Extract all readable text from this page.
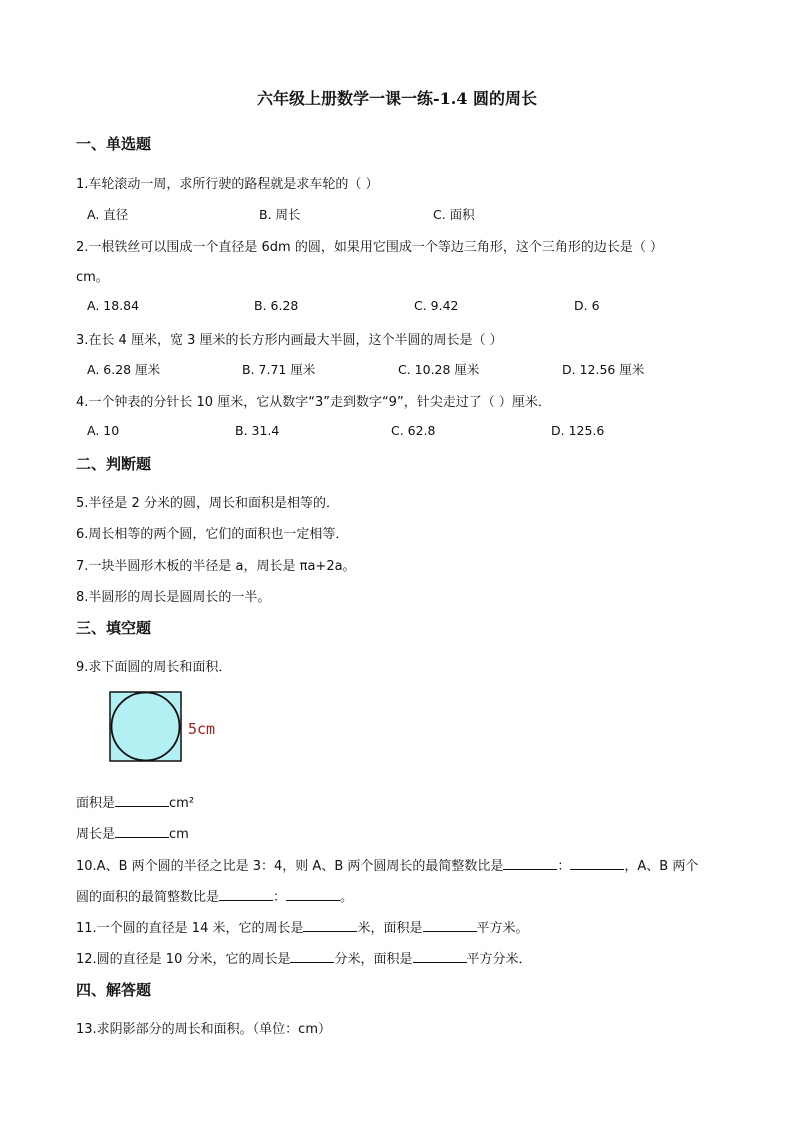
六年级上册数学一课一练-1.4 圆的周长
一、单选题
1.车轮滚动一周，求所行驶的路程就是求车轮的（ ）
A. 直径	B. 周长	C. 面积
2.一根铁丝可以围成一个直径是 6dm 的圆，如果用它围成一个等边三角形，这个三角形的边长是（ ）
cm。
A. 18.84	B. 6.28	C. 9.42	D. 6
3.在长 4 厘米，宽 3 厘米的长方形内画最大半圆，这个半圆的周长是（ ）
A. 6.28 厘米	B. 7.71 厘米	C. 10.28 厘米	D. 12.56 厘米
4.一个钟表的分针长 10 厘米，它从数字“3”走到数字“9”，针尖走过了（ ）厘米．
A. 10	B. 31.4	C. 62.8	D. 125.6
二、判断题
5.半径是 2 分米的圆，周长和面积是相等的．
6.周长相等的两个圆，它们的面积也一定相等．
7.一块半圆形木板的半径是 a，周长是 πa+2a。
8.半圆形的周长是圆周长的一半。
三、填空题
9.求下面圆的周长和面积．
5cm
面积是	cm²
周长是	cm
10.A、B 两个圆的半径之比是 3：4，则 A、B 两个圆周长的最简整数比是	：	，A、B 两个
圆的面积的最简整数比是	：	。
11.一个圆的直径是 14 米，它的周长是	米，面积是	平方米。
12.圆的直径是 10 分米，它的周长是	分米，面积是	平方分米．
四、解答题
13.求阴影部分的周长和面积。（单位：cm）
